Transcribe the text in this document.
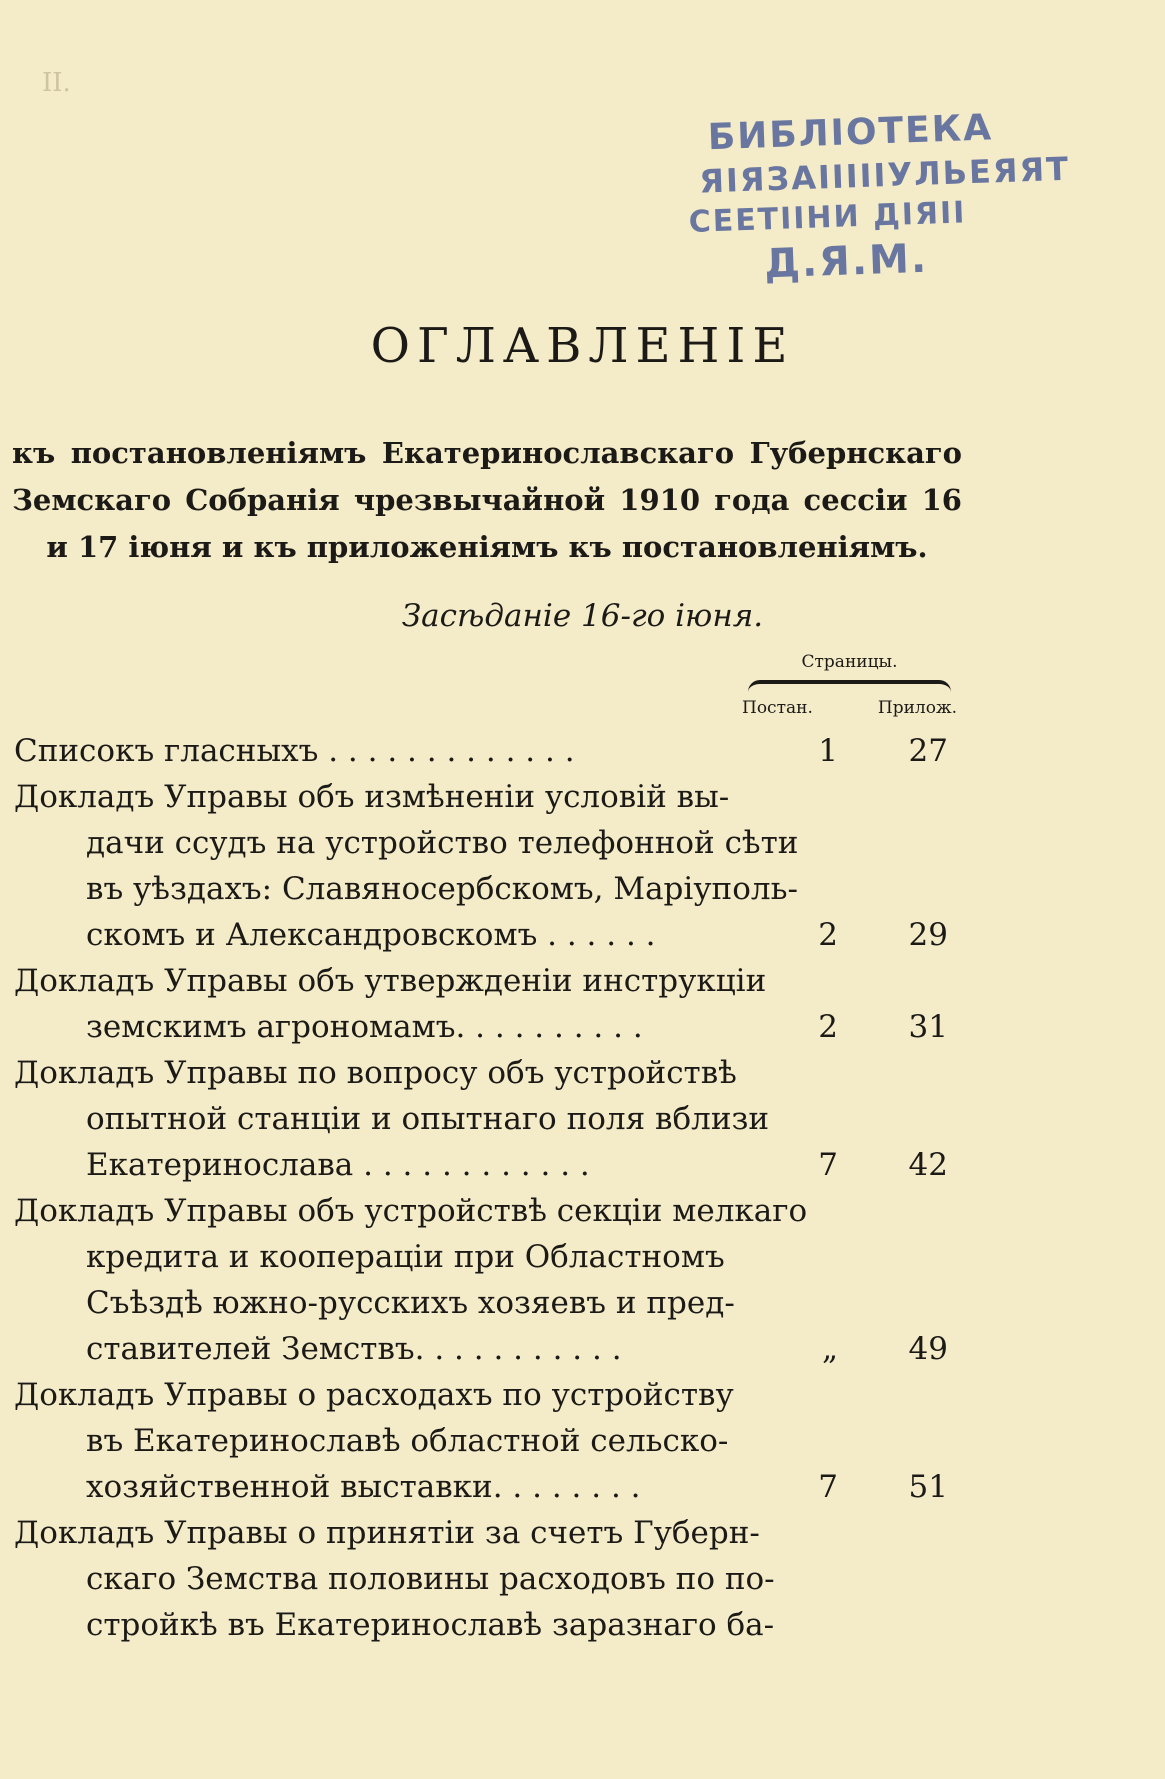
II.
БИБЛІОТЕКА
ЯІЯЗАІІІІІУЛЬЕЯЯТ
СЕЕТІІНИ ДІЯІІ
Д.Я.М.
ОГЛАВЛЕНІЕ

къ постановленіямъ Екатеринославскаго Губернскаго Земскаго Собранія чрезвычайной 1910 года сессіи 16 и 17 іюня и къ приложеніямъ къ постановленіямъ.

Засѣданіе 16-го іюня.

Страницы.
Постан.	Прилож.
Списокъ гласныхъ . . . . . . . . . . . . .	1	27
Докладъ Управы объ измѣненіи условій вы-
дачи ссудъ на устройство телефонной сѣти
въ уѣздахъ: Славяносербскомъ, Маріуполь-
скомъ и Александровскомъ . . . . . .	2	29
Докладъ Управы объ утвержденіи инструкціи
земскимъ агрономамъ. . . . . . . . . .	2	31
Докладъ Управы по вопросу объ устройствѣ
опытной станціи и опытнаго поля вблизи
Екатеринослава . . . . . . . . . . . .	7	42
Докладъ Управы объ устройствѣ секціи мелкаго
кредита и коопераціи при Областномъ
Съѣздѣ южно-русскихъ хозяевъ и пред-
ставителей Земствъ. . . . . . . . . . .	„	49
Докладъ Управы о расходахъ по устройству
въ Екатеринославѣ областной сельско-
хозяйственной выставки. . . . . . . .	7	51
Докладъ Управы о принятіи за счетъ Губерн-
скаго Земства половины расходовъ по по-
стройкѣ въ Екатеринославѣ заразнаго ба-
